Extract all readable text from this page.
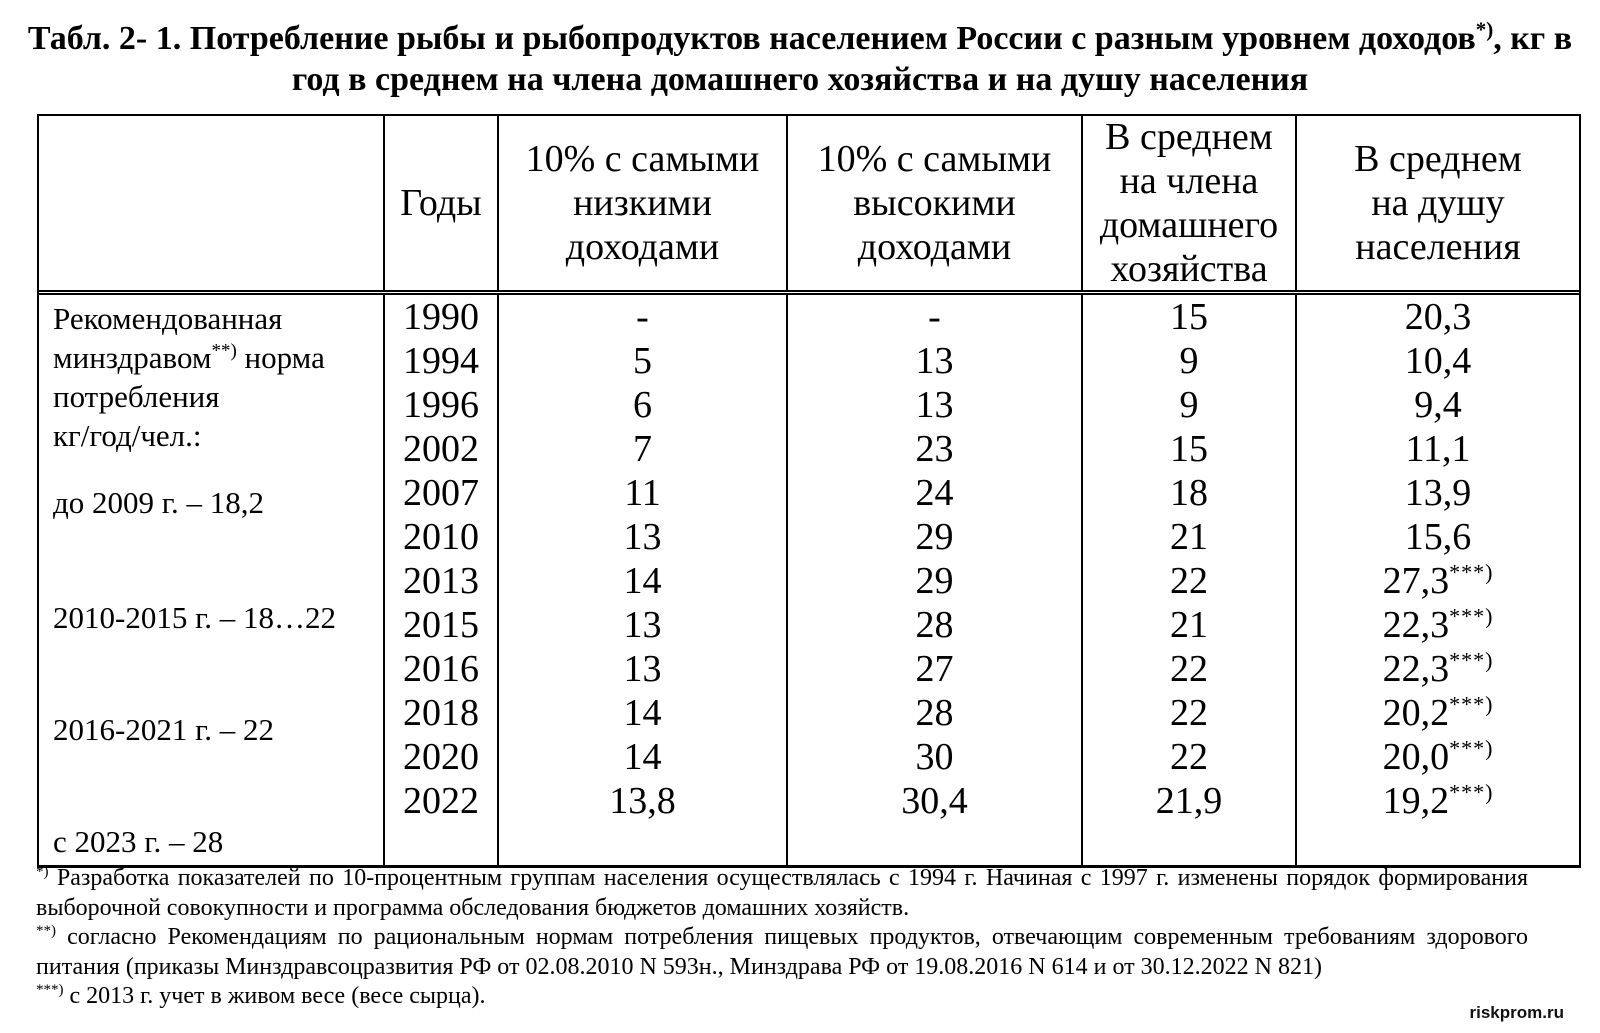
Табл. 2- 1. Потребление рыбы и рыбопродуктов населением России с разным уровнем доходов*), кг в
год в среднем на члена домашнего хозяйства и на душу населения
Годы
10% с самыми
низкими
доходами
10% с самыми
высокими
доходами
В среднем
на члена
домашнего
хозяйства
В среднем
на душу
населения
Рекомендованная
минздравом**) норма
потребления
кг/год/чел.:
до 2009 г. – 18,2
2010-2015 г. – 18…22
2016-2021 г. – 22
с 2023 г. – 28
1990
1994
1996
2002
2007
2010
2013
2015
2016
2018
2020
2022
-
5
6
7
11
13
14
13
13
14
14
13,8
-
13
13
23
24
29
29
28
27
28
30
30,4
15
9
9
15
18
21
22
21
22
22
22
21,9
20,3
10,4
9,4
11,1
13,9
15,6
27,3***)
22,3***)
22,3***)
20,2***)
20,0***)
19,2***)

*) Разработка показателей по 10-процентным группам населения осуществлялась с 1994 г. Начиная с 1997 г. изменены порядок формирования выборочной совокупности и программа обследования бюджетов домашних хозяйств.

**) согласно Рекомендациям по рациональным нормам потребления пищевых продуктов, отвечающим современным требованиям здорового питания (приказы Минздравсоцразвития РФ от 02.08.2010 N 593н., Минздрава РФ от 19.08.2016 N 614 и от 30.12.2022 N 821)

***) с 2013 г. учет в живом весе (весе сырца).

riskprom.ru
